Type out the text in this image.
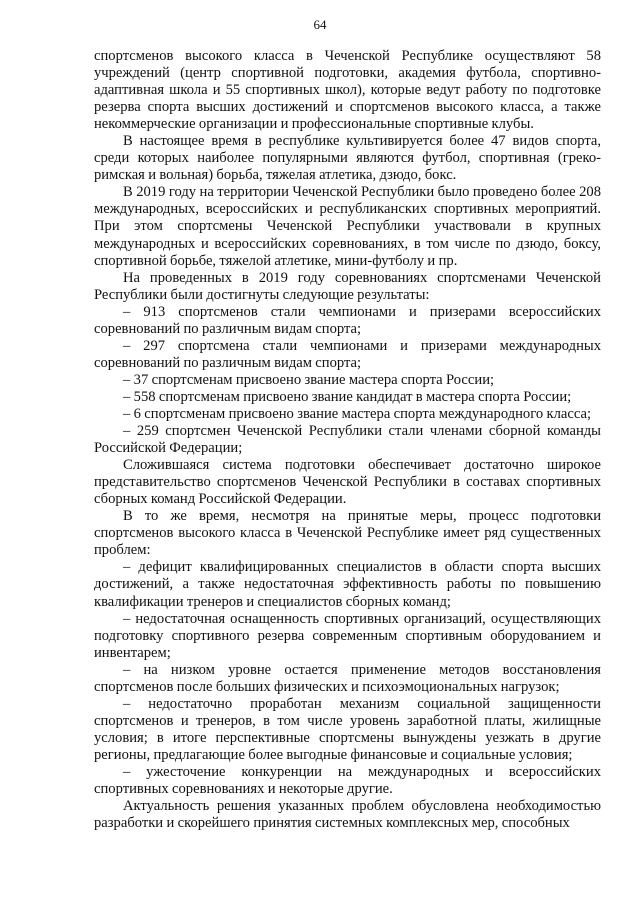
64

спортсменов высокого класса в Чеченской Республике осуществляют 58 учреждений (центр спортивной подготовки, академия футбола, спортивно-адаптивная школа и 55 спортивных школ), которые ведут работу по подготовке резерва спорта высших достижений и спортсменов высокого класса, а также некоммерческие организации и профессиональные спортивные клубы.

В настоящее время в республике культивируется более 47 видов спорта, среди которых наиболее популярными являются футбол, спортивная (греко-римская и вольная) борьба, тяжелая атлетика, дзюдо, бокс.

В 2019 году на территории Чеченской Республики было проведено более 208 международных, всероссийских и республиканских спортивных мероприятий. При этом спортсмены Чеченской Республики участвовали в крупных международных и всероссийских соревнованиях, в том числе по дзюдо, боксу, спортивной борьбе, тяжелой атлетике, мини-футболу и пр.

На проведенных в 2019 году соревнованиях спортсменами Чеченской Республики были достигнуты следующие результаты:

– 913 спортсменов стали чемпионами и призерами всероссийских соревнований по различным видам спорта;

– 297 спортсмена стали чемпионами и призерами международных соревнований по различным видам спорта;

– 37 спортсменам присвоено звание мастера спорта России;

– 558 спортсменам присвоено звание кандидат в мастера спорта России;

– 6 спортсменам присвоено звание мастера спорта международного класса;

– 259 спортсмен Чеченской Республики стали членами сборной команды Российской Федерации;

Сложившаяся система подготовки обеспечивает достаточно широкое представительство спортсменов Чеченской Республики в составах спортивных сборных команд Российской Федерации.

В то же время, несмотря на принятые меры, процесс подготовки спортсменов высокого класса в Чеченской Республике имеет ряд существенных проблем:

– дефицит квалифицированных специалистов в области спорта высших достижений, а также недостаточная эффективность работы по повышению квалификации тренеров и специалистов сборных команд;

– недостаточная оснащенность спортивных организаций, осуществляющих подготовку спортивного резерва современным спортивным оборудованием и инвентарем;

– на низком уровне остается применение методов восстановления спортсменов после больших физических и психоэмоциональных нагрузок;

– недостаточно проработан механизм социальной защищенности спортсменов и тренеров, в том числе уровень заработной платы, жилищные условия; в итоге перспективные спортсмены вынуждены уезжать в другие регионы, предлагающие более выгодные финансовые и социальные условия;

– ужесточение конкуренции на международных и всероссийских спортивных соревнованиях и некоторые другие.

Актуальность решения указанных проблем обусловлена необходимостью разработки и скорейшего принятия системных комплексных мер, способных
